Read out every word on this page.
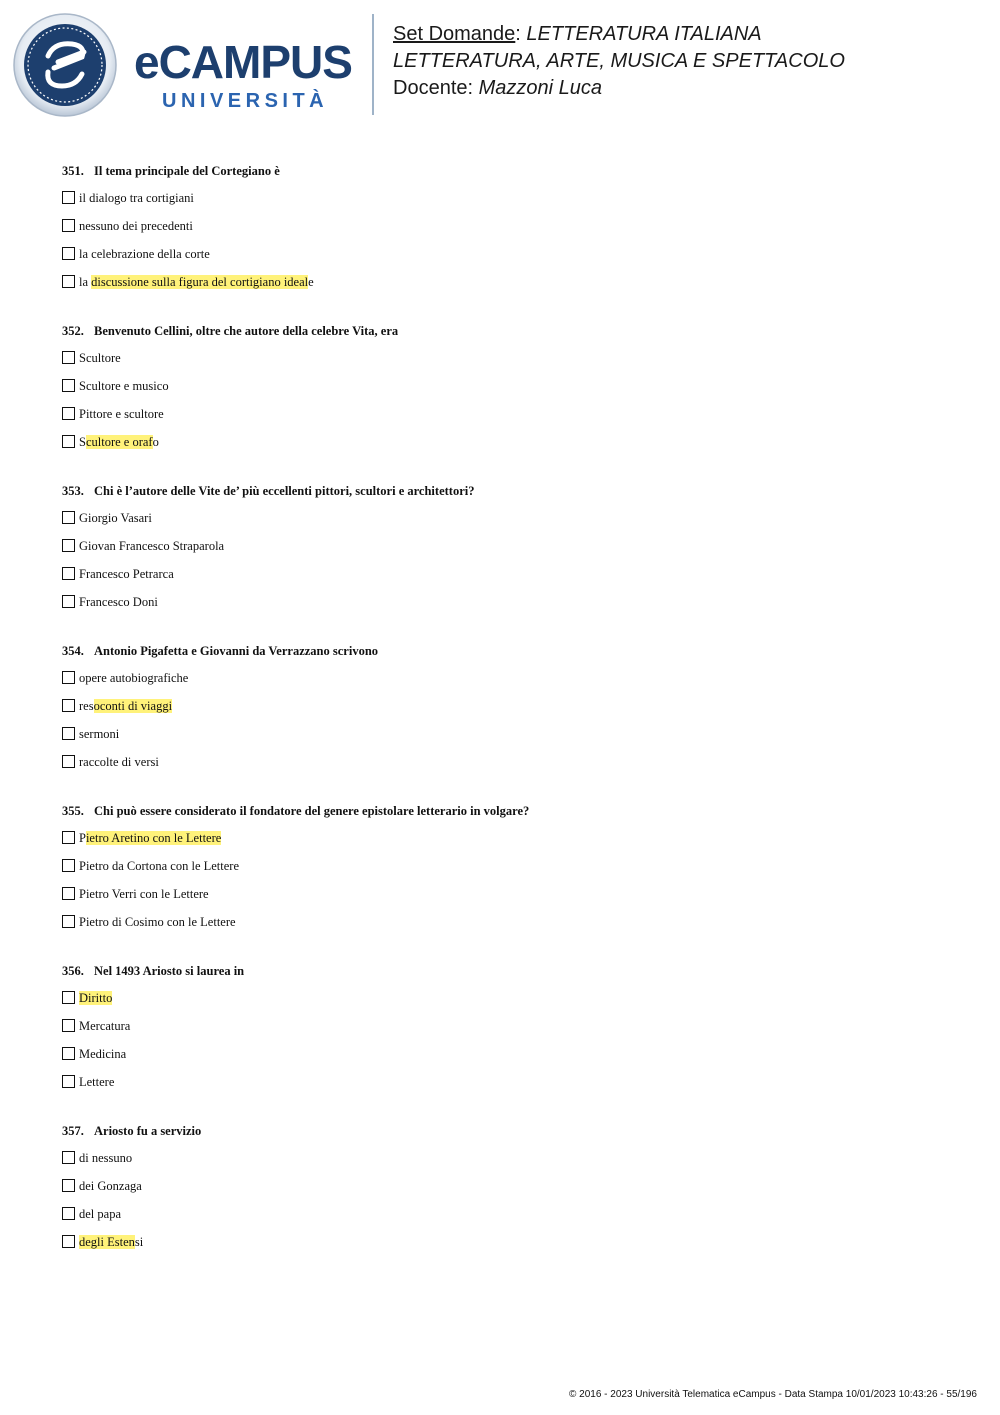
eCAMPUS
UNIVERSITÀ
Set Domande: LETTERATURA ITALIANA
LETTERATURA, ARTE, MUSICA E SPETTACOLO
Docente: Mazzoni Luca
351. Il tema principale del Cortegiano è
il dialogo tra cortigiani
nessuno dei precedenti
la celebrazione della corte
la discussione sulla figura del cortigiano ideale
352. Benvenuto Cellini, oltre che autore della celebre Vita, era
Scultore
Scultore e musico
Pittore e scultore
Scultore e orafo
353. Chi è l’autore delle Vite de’ più eccellenti pittori, scultori e architettori?
Giorgio Vasari
Giovan Francesco Straparola
Francesco Petrarca
Francesco Doni
354. Antonio Pigafetta e Giovanni da Verrazzano scrivono
opere autobiografiche
resoconti di viaggi
sermoni
raccolte di versi
355. Chi può essere considerato il fondatore del genere epistolare letterario in volgare?
Pietro Aretino con le Lettere
Pietro da Cortona con le Lettere
Pietro Verri con le Lettere
Pietro di Cosimo con le Lettere
356. Nel 1493 Ariosto si laurea in
Diritto
Mercatura
Medicina
Lettere
357. Ariosto fu a servizio
di nessuno
dei Gonzaga
del papa
degli Estensi
© 2016 - 2023 Università Telematica eCampus - Data Stampa 10/01/2023 10:43:26 - 55/196
